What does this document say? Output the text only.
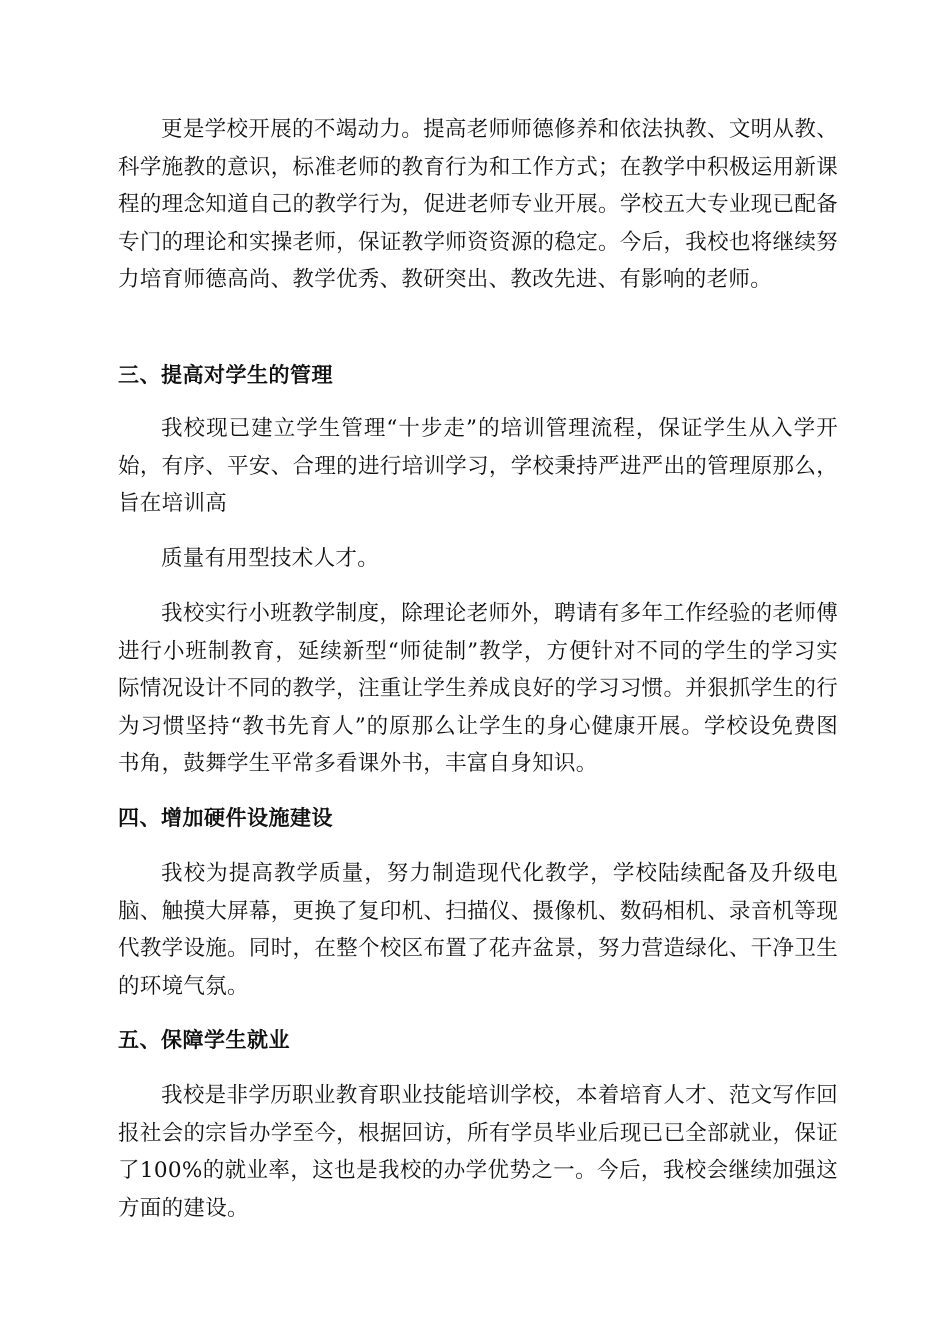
更是学校开展的不竭动力。提高老师师德修养和依法执教、文明从教、科学施教的意识，标准老师的教育行为和工作方式；在教学中积极运用新课程的理念知道自己的教学行为，促进老师专业开展。学校五大专业现已配备专门的理论和实操老师，保证教学师资资源的稳定。今后，我校也将继续努力培育师德高尚、教学优秀、教研突出、教改先进、有影响的老师。

三、提高对学生的管理

我校现已建立学生管理“十步走”的培训管理流程，保证学生从入学开始，有序、平安、合理的进行培训学习，学校秉持严进严出的管理原那么，旨在培训高

质量有用型技术人才。

我校实行小班教学制度，除理论老师外，聘请有多年工作经验的老师傅进行小班制教育，延续新型“师徒制”教学，方便针对不同的学生的学习实际情况设计不同的教学，注重让学生养成良好的学习习惯。并狠抓学生的行为习惯坚持“教书先育人”的原那么让学生的身心健康开展。学校设免费图书角，鼓舞学生平常多看课外书，丰富自身知识。

四、增加硬件设施建设

我校为提高教学质量，努力制造现代化教学，学校陆续配备及升级电脑、触摸大屏幕，更换了复印机、扫描仪、摄像机、数码相机、录音机等现代教学设施。同时，在整个校区布置了花卉盆景，努力营造绿化、干净卫生的环境气氛。

五、保障学生就业

我校是非学历职业教育职业技能培训学校，本着培育人才、范文写作回报社会的宗旨办学至今，根据回访，所有学员毕业后现已已全部就业，保证了100%的就业率，这也是我校的办学优势之一。今后，我校会继续加强这方面的建设。
